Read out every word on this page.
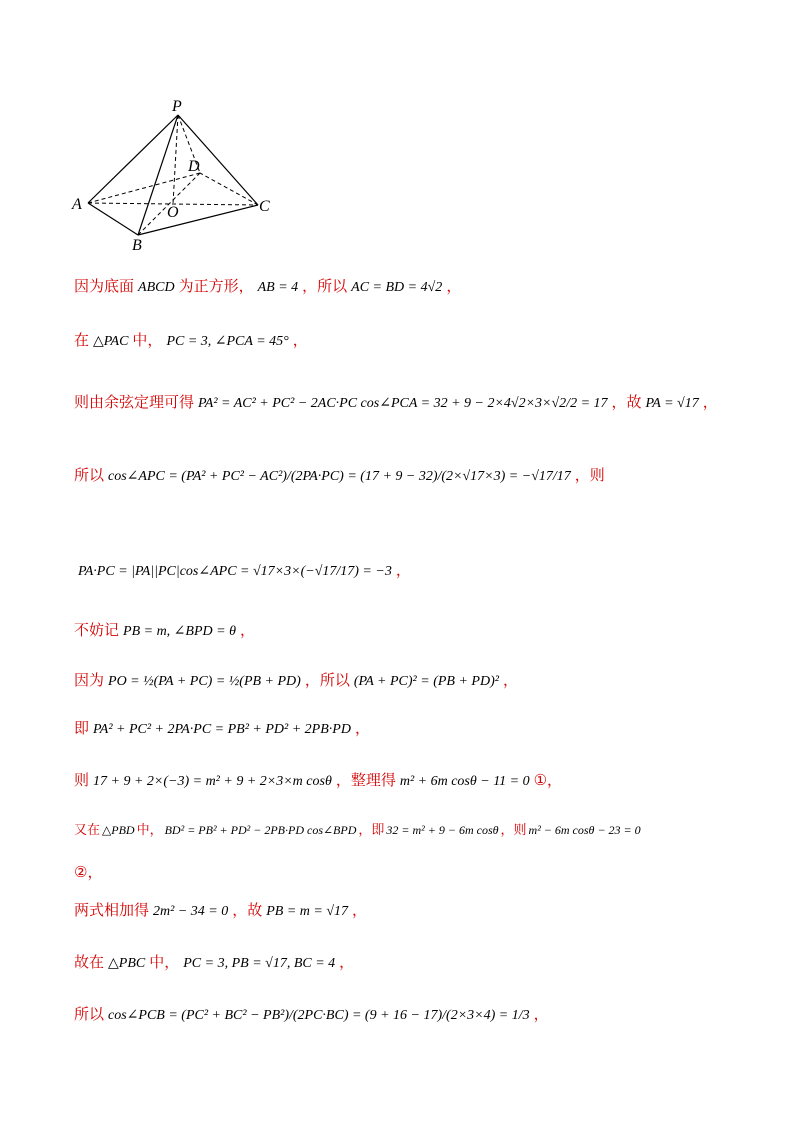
P
D
A	O	C
B
因为底面 ABCD 为正方形， AB = 4 ，所以 AC = BD = 4√2 ，
在 △PAC 中， PC = 3, ∠PCA = 45° ，
则由余弦定理可得 PA² = AC² + PC² − 2AC·PC cos∠PCA = 32 + 9 − 2×4√2×3×√2/2 = 17 ，故 PA = √17 ，
所以 cos∠APC = (PA² + PC² − AC²)/(2PA·PC) = (17 + 9 − 32)/(2×√17×3) = −√17/17 ，则
PA·PC = |PA||PC|cos∠APC = √17×3×(−√17/17) = −3 ，
不妨记 PB = m, ∠BPD = θ ，
因为 PO = ½(PA + PC) = ½(PB + PD) ，所以 (PA + PC)² = (PB + PD)² ，
即 PA² + PC² + 2PA·PC = PB² + PD² + 2PB·PD ，
则 17 + 9 + 2×(−3) = m² + 9 + 2×3×m cosθ ，整理得 m² + 6m cosθ − 11 = 0 ①，
又在 △PBD 中， BD² = PB² + PD² − 2PB·PD cos∠BPD ，即 32 = m² + 9 − 6m cosθ ，则 m² − 6m cosθ − 23 = 0
②，
两式相加得 2m² − 34 = 0 ，故 PB = m = √17 ，
故在 △PBC 中， PC = 3, PB = √17, BC = 4 ，
所以 cos∠PCB = (PC² + BC² − PB²)/(2PC·BC) = (9 + 16 − 17)/(2×3×4) = 1/3 ，
